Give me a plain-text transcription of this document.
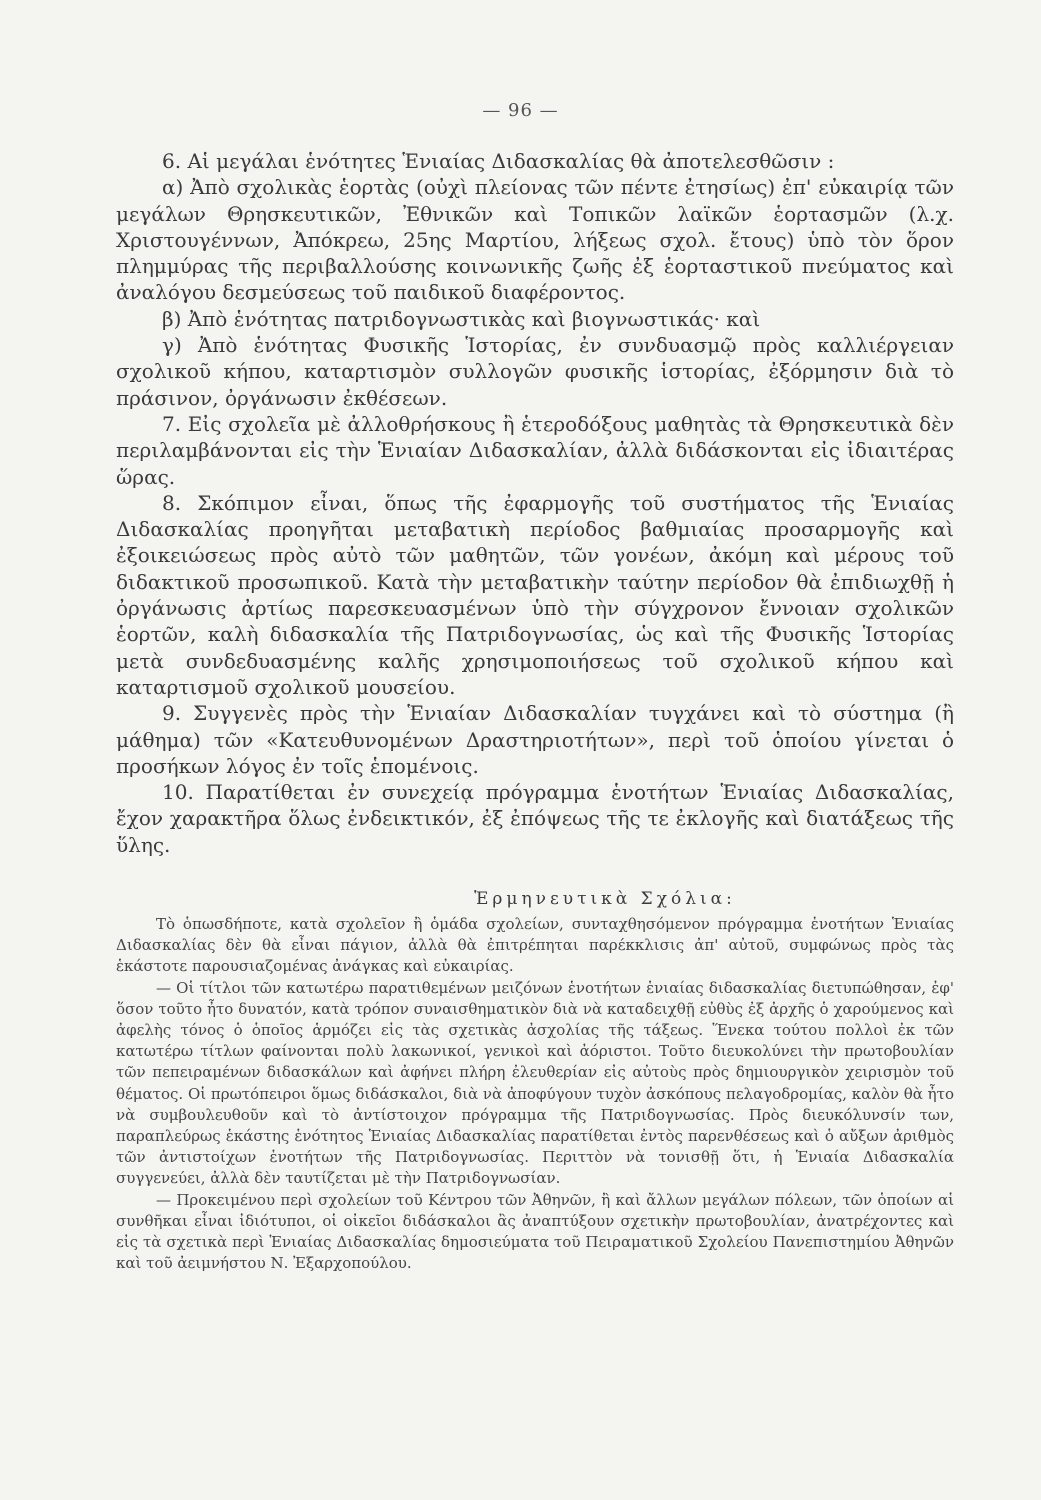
— 96 —

6. Αἱ μεγάλαι ἑνότητες Ἑνιαίας Διδασκαλίας θὰ ἀποτελεσθῶσιν :

α) Ἀπὸ σχολικὰς ἑορτὰς (οὐχὶ πλείονας τῶν πέντε ἐτησίως) ἐπ' εὐκαιρίᾳ τῶν μεγάλων Θρησκευτικῶν, Ἐθνικῶν καὶ Τοπικῶν λαϊκῶν ἑορτασμῶν (λ.χ. Χριστουγέννων, Ἀπόκρεω, 25ης Μαρτίου, λήξεως σχολ. ἔτους) ὑπὸ τὸν ὅρον πλημμύρας τῆς περιβαλλούσης κοινωνικῆς ζωῆς ἐξ ἑορταστικοῦ πνεύματος καὶ ἀναλόγου δεσμεύσεως τοῦ παιδικοῦ διαφέροντος.

β) Ἀπὸ ἑνότητας πατριδογνωστικὰς καὶ βιογνωστικάς· καὶ

γ) Ἀπὸ ἑνότητας Φυσικῆς Ἱστορίας, ἐν συνδυασμῷ πρὸς καλλιέργειαν σχολικοῦ κήπου, καταρτισμὸν συλλογῶν φυσικῆς ἱστορίας, ἐξόρμησιν διὰ τὸ πράσινον, ὀργάνωσιν ἐκθέσεων.

7. Εἰς σχολεῖα μὲ ἀλλοθρήσκους ἢ ἑτεροδόξους μαθητὰς τὰ Θρησκευτικὰ δὲν περιλαμβάνονται εἰς τὴν Ἑνιαίαν Διδασκαλίαν, ἀλλὰ διδάσκονται εἰς ἰδιαιτέρας ὥρας.

8. Σκόπιμον εἶναι, ὅπως τῆς ἐφαρμογῆς τοῦ συστήματος τῆς Ἑνιαίας Διδασκαλίας προηγῆται μεταβατικὴ περίοδος βαθμιαίας προσαρμογῆς καὶ ἐξοικειώσεως πρὸς αὐτὸ τῶν μαθητῶν, τῶν γονέων, ἀκόμη καὶ μέρους τοῦ διδακτικοῦ προσωπικοῦ. Κατὰ τὴν μεταβατικὴν ταύτην περίοδον θὰ ἐπιδιωχθῇ ἡ ὀργάνωσις ἀρτίως παρεσκευασμένων ὑπὸ τὴν σύγχρονον ἔννοιαν σχολικῶν ἑορτῶν, καλὴ διδασκαλία τῆς Πατριδογνωσίας, ὡς καὶ τῆς Φυσικῆς Ἱστορίας μετὰ συνδεδυασμένης καλῆς χρησιμοποιήσεως τοῦ σχολικοῦ κήπου καὶ καταρτισμοῦ σχολικοῦ μουσείου.

9. Συγγενὲς πρὸς τὴν Ἑνιαίαν Διδασκαλίαν τυγχάνει καὶ τὸ σύστημα (ἢ μάθημα) τῶν «Κατευθυνομένων Δραστηριοτήτων», περὶ τοῦ ὁποίου γίνεται ὁ προσήκων λόγος ἐν τοῖς ἑπομένοις.

10. Παρατίθεται ἐν συνεχείᾳ πρόγραμμα ἑνοτήτων Ἑνιαίας Διδασκαλίας, ἔχον χαρακτῆρα ὅλως ἐνδεικτικόν, ἐξ ἐπόψεως τῆς τε ἐκλογῆς καὶ διατάξεως τῆς ὕλης.

Ἑρμηνευτικὰ Σχόλια:

Τὸ ὁπωσδήποτε, κατὰ σχολεῖον ἢ ὁμάδα σχολείων, συνταχθησόμενον πρόγραμμα ἑνοτήτων Ἑνιαίας Διδασκαλίας δὲν θὰ εἶναι πάγιον, ἀλλὰ θὰ ἐπιτρέπηται παρέκκλισις ἀπ' αὐτοῦ, συμφώνως πρὸς τὰς ἑκάστοτε παρουσιαζομένας ἀνάγκας καὶ εὐκαιρίας.

— Οἱ τίτλοι τῶν κατωτέρω παρατιθεμένων μειζόνων ἑνοτήτων ἑνιαίας διδασκαλίας διετυπώθησαν, ἐφ' ὅσον τοῦτο ἦτο δυνατόν, κατὰ τρόπον συναισθηματικὸν διὰ νὰ καταδειχθῇ εὐθὺς ἐξ ἀρχῆς ὁ χαρούμενος καὶ ἀφελὴς τόνος ὁ ὁποῖος ἁρμόζει εἰς τὰς σχετικὰς ἀσχολίας τῆς τάξεως. Ἕνεκα τούτου πολλοὶ ἐκ τῶν κατωτέρω τίτλων φαίνονται πολὺ λακωνικοί, γενικοὶ καὶ ἀόριστοι. Τοῦτο διευκολύνει τὴν πρωτοβουλίαν τῶν πεπειραμένων διδασκάλων καὶ ἀφήνει πλήρη ἐλευθερίαν εἰς αὐτοὺς πρὸς δημιουργικὸν χειρισμὸν τοῦ θέματος. Οἱ πρωτόπειροι ὅμως διδάσκαλοι, διὰ νὰ ἀποφύγουν τυχὸν ἀσκόπους πελαγοδρομίας, καλὸν θὰ ἦτο νὰ συμβουλευθοῦν καὶ τὸ ἀντίστοιχον πρόγραμμα τῆς Πατριδογνωσίας. Πρὸς διευκόλυνσίν των, παραπλεύρως ἑκάστης ἑνότητος Ἑνιαίας Διδασκαλίας παρατίθεται ἐντὸς παρενθέσεως καὶ ὁ αὔξων ἀριθμὸς τῶν ἀντιστοίχων ἑνοτήτων τῆς Πατριδογνωσίας. Περιττὸν νὰ τονισθῇ ὅτι, ἡ Ἑνιαία Διδασκαλία συγγενεύει, ἀλλὰ δὲν ταυτίζεται μὲ τὴν Πατριδογνωσίαν.

— Προκειμένου περὶ σχολείων τοῦ Κέντρου τῶν Ἀθηνῶν, ἢ καὶ ἄλλων μεγάλων πόλεων, τῶν ὁποίων αἱ συνθῆκαι εἶναι ἰδιότυποι, οἱ οἰκεῖοι διδάσκαλοι ἂς ἀναπτύξουν σχετικὴν πρωτοβουλίαν, ἀνατρέχοντες καὶ εἰς τὰ σχετικὰ περὶ Ἑνιαίας Διδασκαλίας δημοσιεύματα τοῦ Πειραματικοῦ Σχολείου Πανεπιστημίου Ἀθηνῶν καὶ τοῦ ἀειμνήστου Ν. Ἐξαρχοπούλου.
